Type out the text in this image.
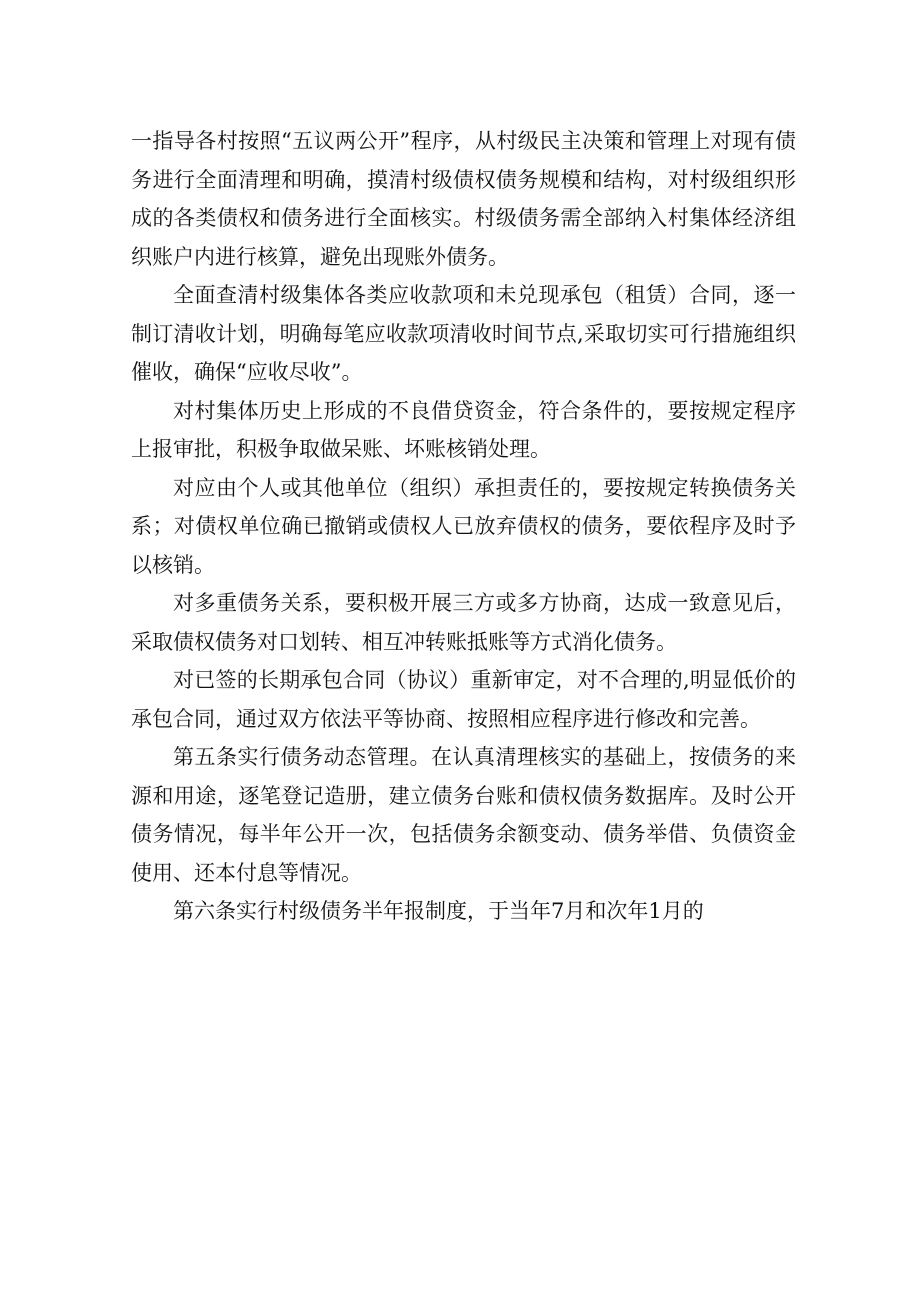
一指导各村按照“五议两公开”程序，从村级民主决策和管理上对现有债务进行全面清理和明确，摸清村级债权债务规模和结构，对村级组织形成的各类债权和债务进行全面核实。村级债务需全部纳入村集体经济组织账户内进行核算，避免出现账外债务。

全面查清村级集体各类应收款项和未兑现承包（租赁）合同，逐一制订清收计划，明确每笔应收款项清收时间节点,采取切实可行措施组织催收，确保“应收尽收”。

对村集体历史上形成的不良借贷资金，符合条件的，要按规定程序上报审批，积极争取做呆账、坏账核销处理。

对应由个人或其他单位（组织）承担责任的，要按规定转换债务关系；对债权单位确已撤销或债权人已放弃债权的债务，要依程序及时予以核销。

对多重债务关系，要积极开展三方或多方协商，达成一致意见后，采取债权债务对口划转、相互冲转账抵账等方式消化债务。

对已签的长期承包合同（协议）重新审定，对不合理的,明显低价的承包合同，通过双方依法平等协商、按照相应程序进行修改和完善。

第五条实行债务动态管理。在认真清理核实的基础上，按债务的来源和用途，逐笔登记造册，建立债务台账和债权债务数据库。及时公开债务情况，每半年公开一次，包括债务余额变动、债务举借、负债资金使用、还本付息等情况。

第六条实行村级债务半年报制度，于当年7月和次年1月的
